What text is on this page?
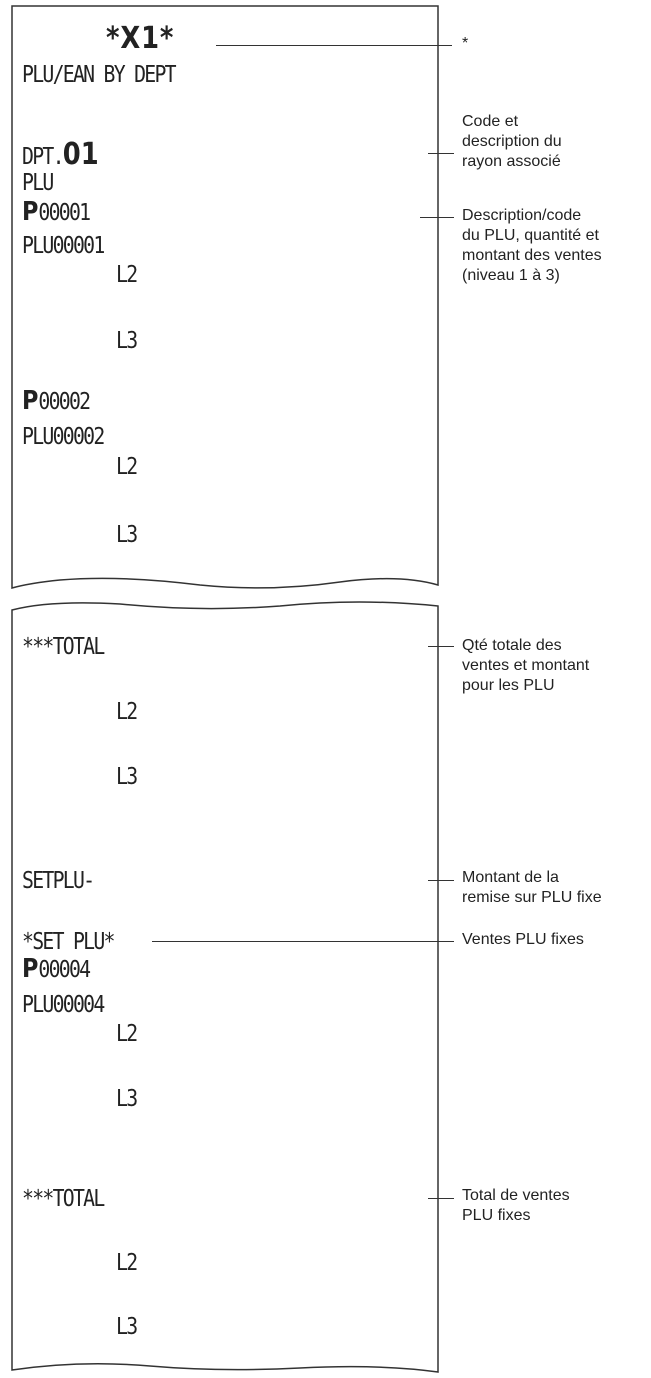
*X1*
PLU/EAN BY DEPT
DPT.01
PLU
P00001
PLU00001
L2
L3
P00002
PLU00002
L2
L3
***TOTAL
L2
L3
SETPLU-
*SET PLU*
P00004
PLU00004
L2
L3
***TOTAL
L2
L3
*
Code et
description du
rayon associé
Description/code
du PLU, quantité et
montant des ventes
(niveau 1 à 3)
Qté totale des
ventes et montant
pour les PLU
Montant de la
remise sur PLU fixe
Ventes PLU fixes
Total de ventes
PLU fixes
